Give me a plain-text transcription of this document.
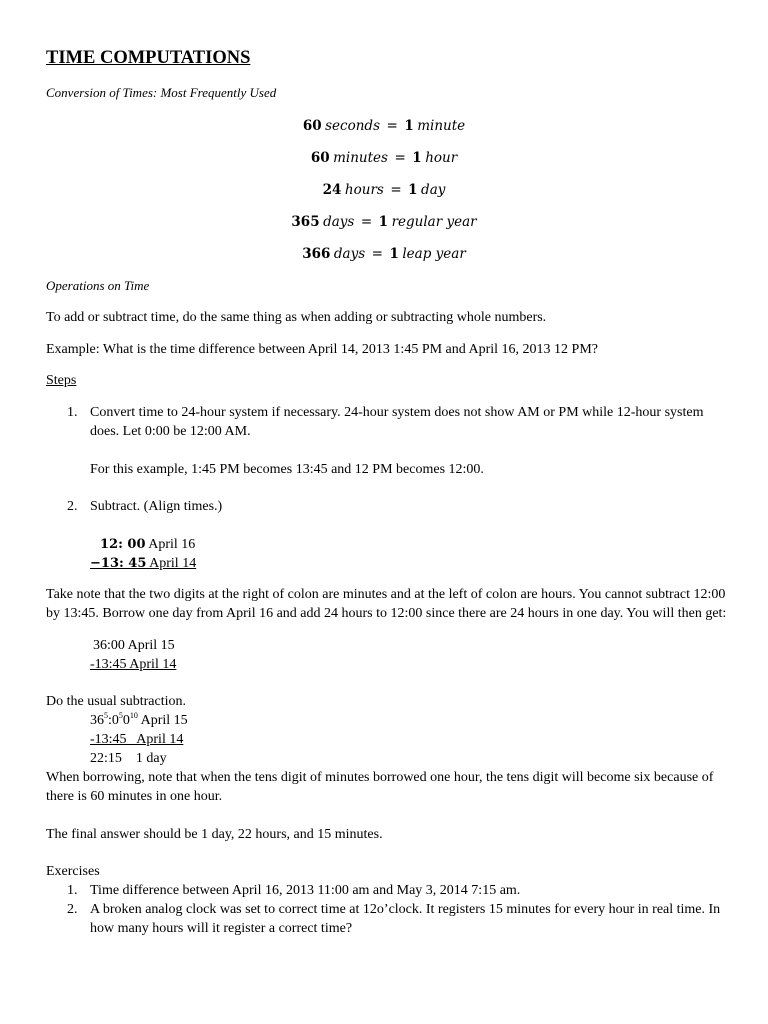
TIME COMPUTATIONS
Conversion of Times: Most Frequently Used
60 seconds = 1 minute
60 minutes = 1 hour
24 hours = 1 day
365 days = 1 regular year
366 days = 1 leap year
Operations on Time
To add or subtract time, do the same thing as when adding or subtracting whole numbers.
Example: What is the time difference between April 14, 2013 1:45 PM and April 16, 2013 12 PM?
Steps
1. Convert time to 24-hour system if necessary. 24-hour system does not show AM or PM while 12-hour system
does. Let 0:00 be 12:00 AM.
For this example, 1:45 PM becomes 13:45 and 12 PM becomes 12:00.
2. Subtract. (Align times.)
12: 00 April 16
−13: 45 April 14
Take note that the two digits at the right of colon are minutes and at the left of colon are hours. You cannot subtract 12:00
by 13:45. Borrow one day from April 16 and add 24 hours to 12:00 since there are 24 hours in one day. You will then get:
36:00 April 15
-13:45 April 14
Do the usual subtraction.
$36^5:0^50^{10}$ April 15
-13:45   April 14
22:15    1 day
When borrowing, note that when the tens digit of minutes borrowed one hour, the tens digit will become six because of
there is 60 minutes in one hour.
The final answer should be 1 day, 22 hours, and 15 minutes.
Exercises
1. Time difference between April 16, 2013 11:00 am and May 3, 2014 7:15 am.
2. A broken analog clock was set to correct time at 12o’clock. It registers 15 minutes for every hour in real time. In
how many hours will it register a correct time?
